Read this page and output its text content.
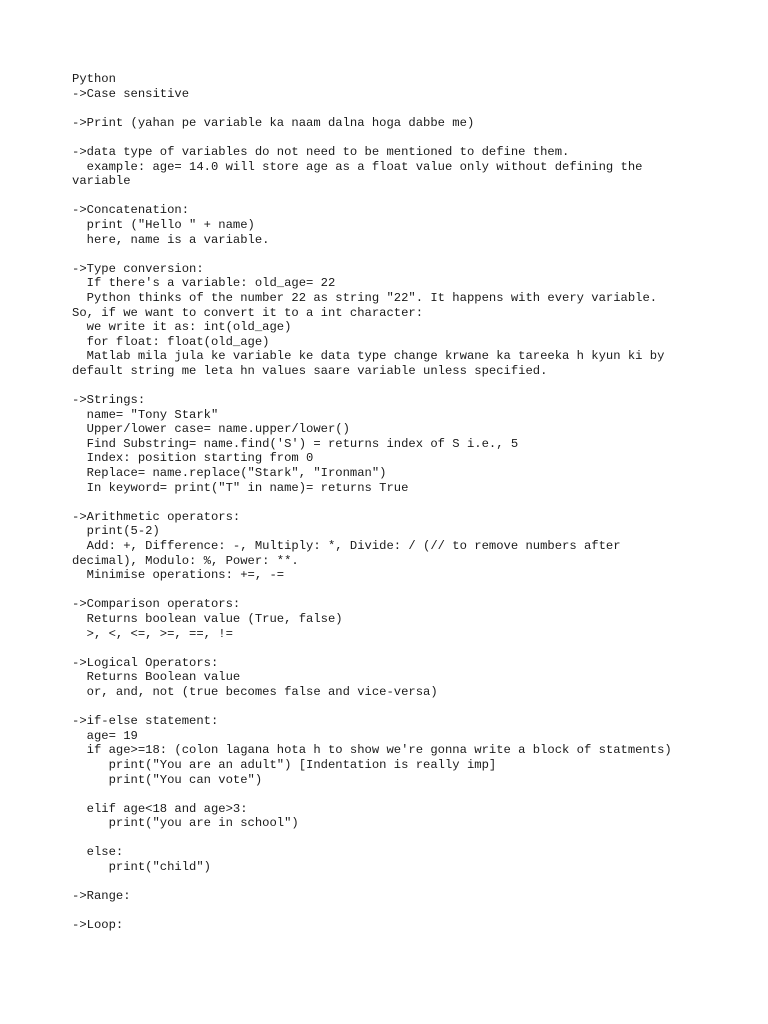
Python
->Case sensitive
->Print (yahan pe variable ka naam dalna hoga dabbe me)
->data type of variables do not need to be mentioned to define them.
example: age= 14.0 will store age as a float value only without defining the
variable
->Concatenation:
print ("Hello " + name)
here, name is a variable.
->Type conversion:
If there's a variable: old_age= 22
Python thinks of the number 22 as string "22". It happens with every variable.
So, if we want to convert it to a int character:
we write it as: int(old_age)
for float: float(old_age)
Matlab mila jula ke variable ke data type change krwane ka tareeka h kyun ki by
default string me leta hn values saare variable unless specified.
->Strings:
name= "Tony Stark"
Upper/lower case= name.upper/lower()
Find Substring= name.find('S') = returns index of S i.e., 5
Index: position starting from 0
Replace= name.replace("Stark", "Ironman")
In keyword= print("T" in name)= returns True
->Arithmetic operators:
print(5-2)
Add: +, Difference: -, Multiply: *, Divide: / (// to remove numbers after
decimal), Modulo: %, Power: **.
Minimise operations: +=, -=
->Comparison operators:
Returns boolean value (True, false)
>, <, <=, >=, ==, !=
->Logical Operators:
Returns Boolean value
or, and, not (true becomes false and vice-versa)
->if-else statement:
age= 19
if age>=18: (colon lagana hota h to show we're gonna write a block of statments)
print("You are an adult") [Indentation is really imp]
print("You can vote")
elif age<18 and age>3:
print("you are in school")
else:
print("child")
->Range:
->Loop:
